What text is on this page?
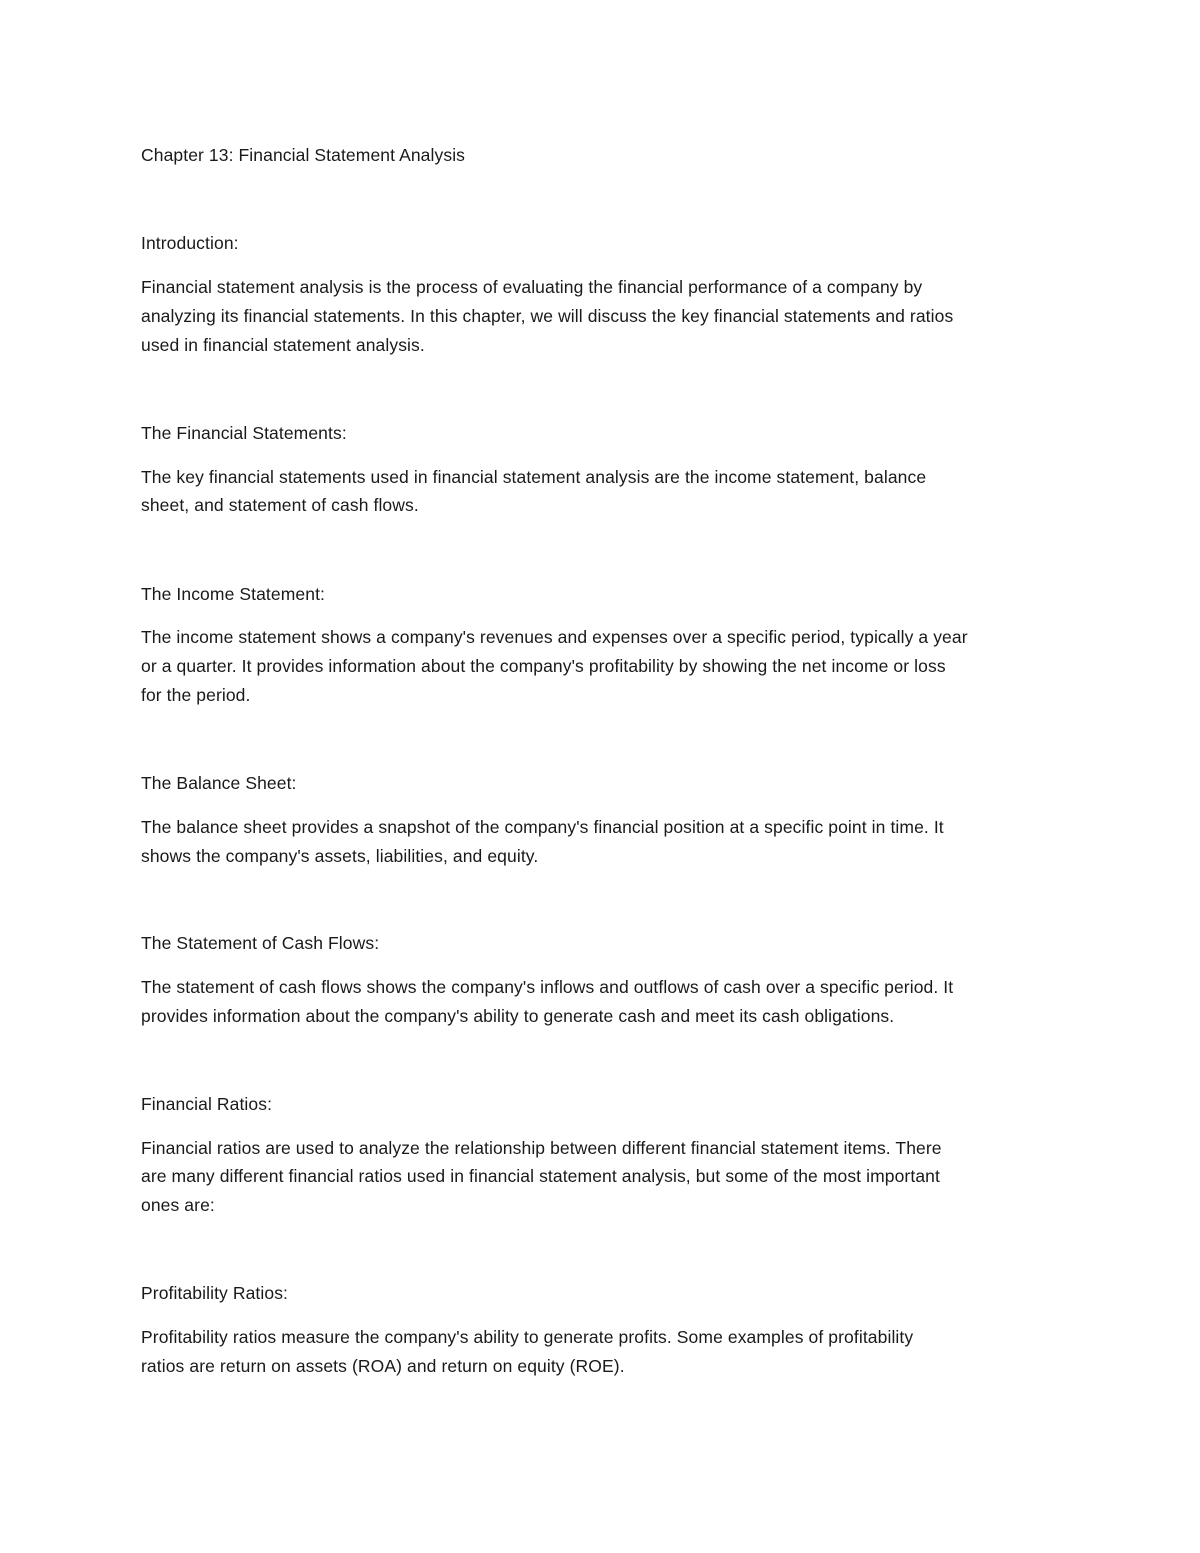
Chapter 13: Financial Statement Analysis
Introduction:
Financial statement analysis is the process of evaluating the financial performance of a company by
analyzing its financial statements. In this chapter, we will discuss the key financial statements and ratios
used in financial statement analysis.
The Financial Statements:
The key financial statements used in financial statement analysis are the income statement, balance
sheet, and statement of cash flows.
The Income Statement:
The income statement shows a company's revenues and expenses over a specific period, typically a year
or a quarter. It provides information about the company's profitability by showing the net income or loss
for the period.
The Balance Sheet:
The balance sheet provides a snapshot of the company's financial position at a specific point in time. It
shows the company's assets, liabilities, and equity.
The Statement of Cash Flows:
The statement of cash flows shows the company's inflows and outflows of cash over a specific period. It
provides information about the company's ability to generate cash and meet its cash obligations.
Financial Ratios:
Financial ratios are used to analyze the relationship between different financial statement items. There
are many different financial ratios used in financial statement analysis, but some of the most important
ones are:
Profitability Ratios:
Profitability ratios measure the company's ability to generate profits. Some examples of profitability
ratios are return on assets (ROA) and return on equity (ROE).
